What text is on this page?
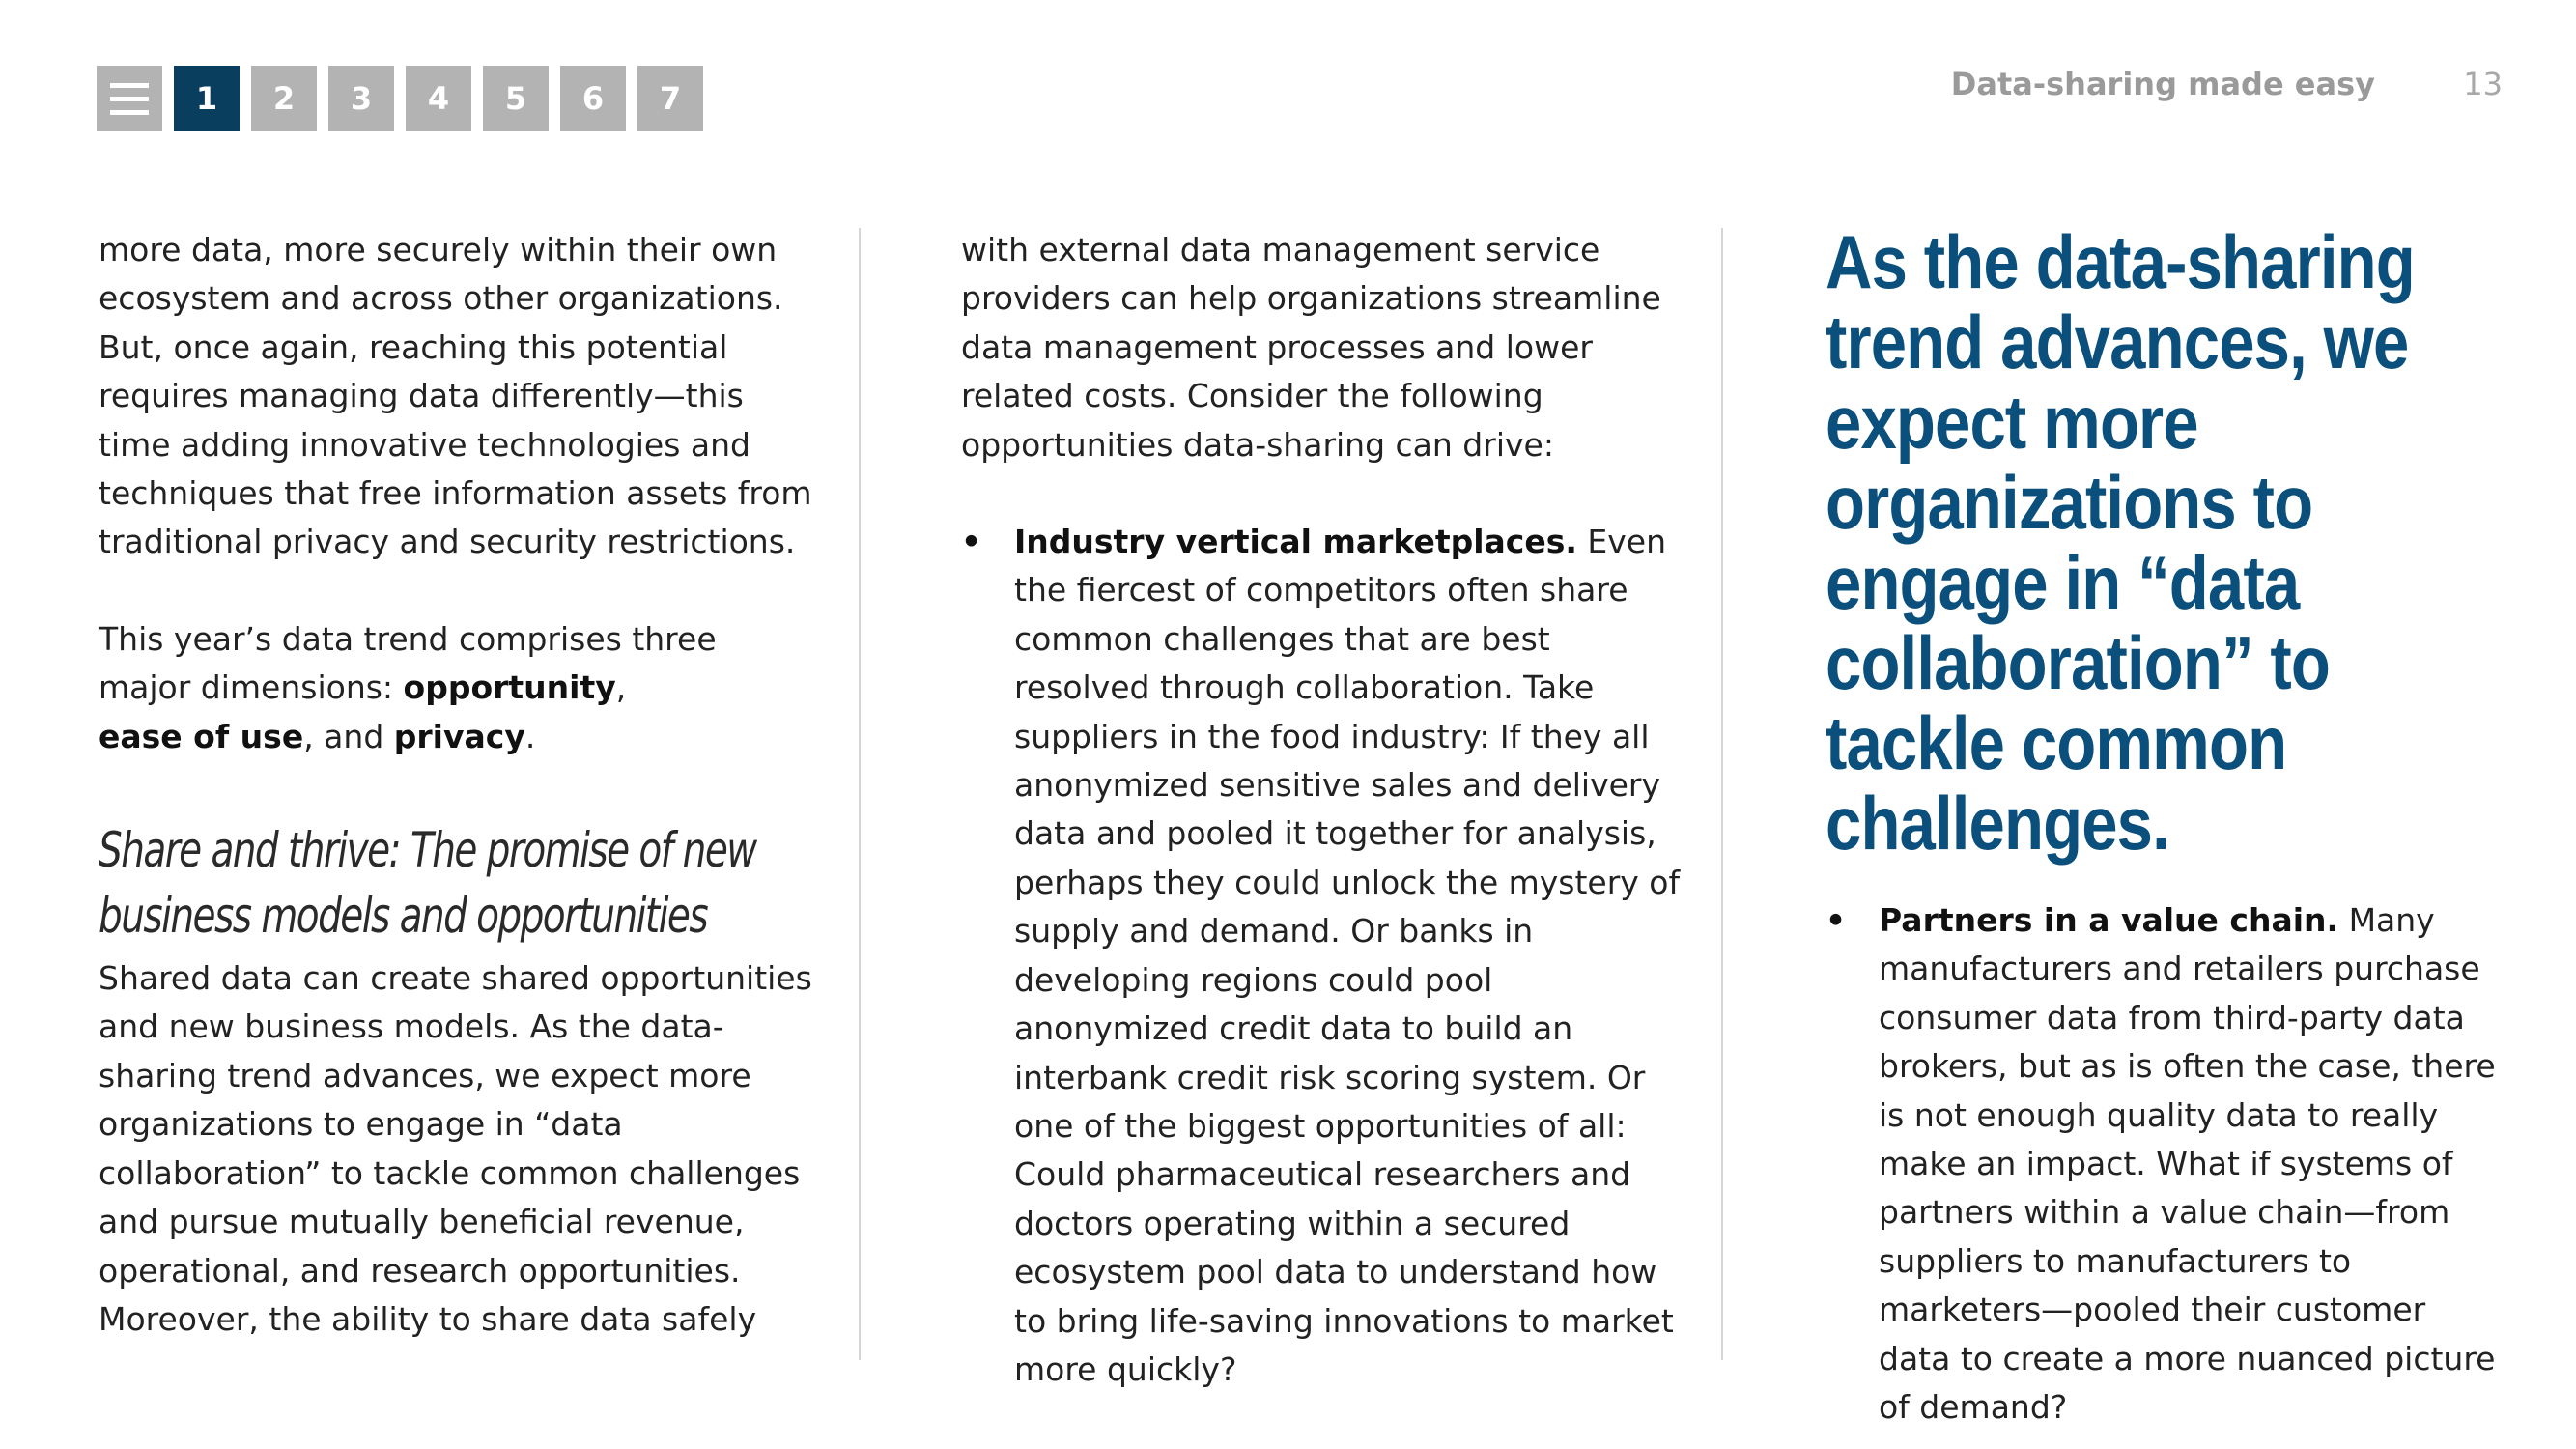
1	2	3	4	5	6	7	Data-sharing made easy	13

more data, more securely within their own ecosystem and across other organizations. But, once again, reaching this potential requires managing data differently—this time adding innovative technologies and techniques that free information assets from traditional privacy and security restrictions.

This year’s data trend comprises three major dimensions: opportunity,
ease of use, and privacy.

Share and thrive: The promise of new business models and opportunities

Shared data can create shared opportunities and new business models. As the data-sharing trend advances, we expect more organizations to engage in “data collaboration” to tackle common challenges and pursue mutually beneficial revenue, operational, and research opportunities. Moreover, the ability to share data safely

with external data management service providers can help organizations streamline data management processes and lower related costs. Consider the following opportunities data-sharing can drive:

• Industry vertical marketplaces. Even the fiercest of competitors often share common challenges that are best resolved through collaboration. Take suppliers in the food industry: If they all anonymized sensitive sales and delivery data and pooled it together for analysis, perhaps they could unlock the mystery of supply and demand. Or banks in developing regions could pool anonymized credit data to build an interbank credit risk scoring system. Or one of the biggest opportunities of all: Could pharmaceutical researchers and doctors operating within a secured ecosystem pool data to understand how to bring life-saving innovations to market more quickly?
As the data-sharing trend advances, we expect more organizations to engage in “data collaboration” to tackle common challenges.
• Partners in a value chain. Many manufacturers and retailers purchase consumer data from third-party data brokers, but as is often the case, there is not enough quality data to really make an impact. What if systems of partners within a value chain—from suppliers to manufacturers to marketers—pooled their customer data to create a more nuanced picture of demand?
